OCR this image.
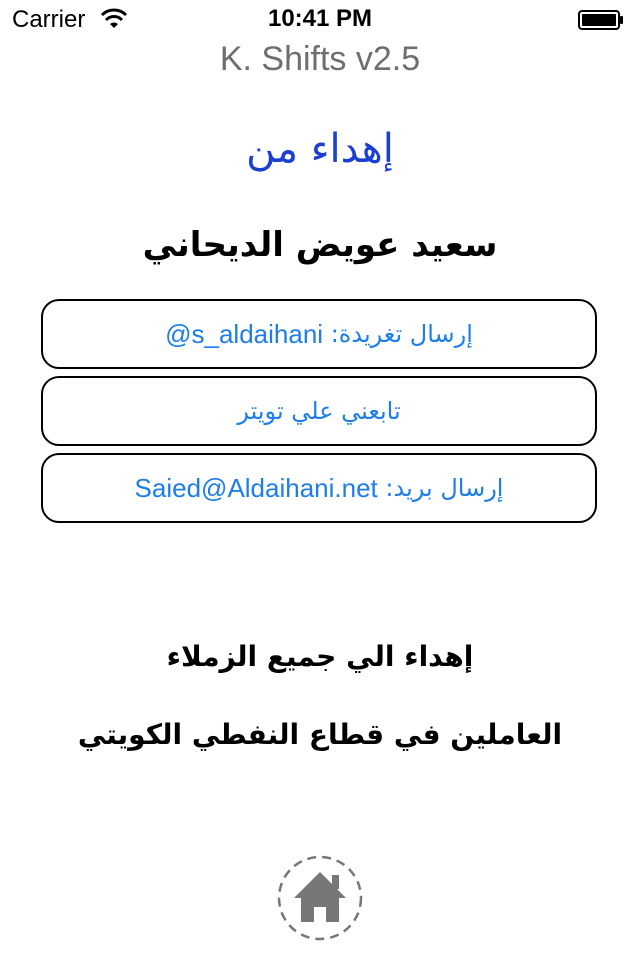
Carrier	10:41 PM
K. Shifts v2.5
إهداء من
سعيد عويض الديحاني
إرسال تغريدة:

@s_aldaihani
تابعني علي تويتر
إرسال بريد:

Saied@Aldaihani.net
إهداء الي جميع الزملاء
العاملين في قطاع النفطي الكويتي
